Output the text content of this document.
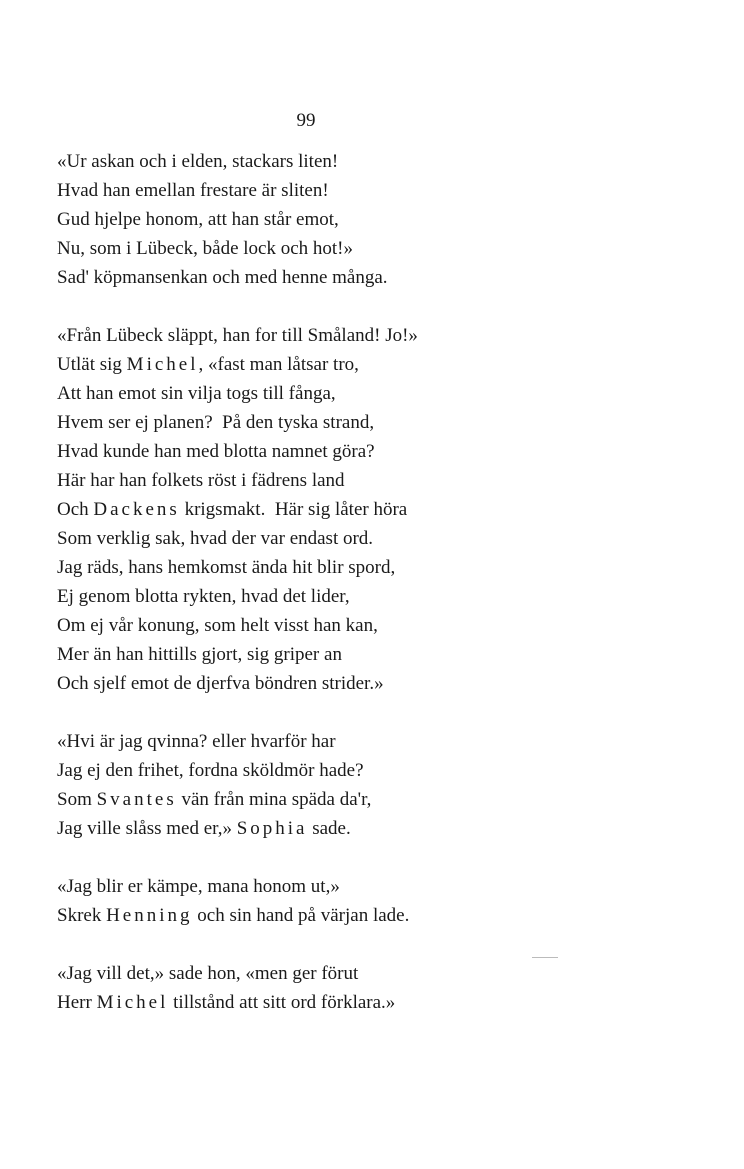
99
«Ur askan och i elden, stackars liten!
Hvad han emellan frestare är sliten!
Gud hjelpe honom, att han står emot,
Nu, som i Lübeck, både lock och hot!»
Sad' köpmansenkan och med henne många.
«Från Lübeck släppt, han for till Småland! Jo!»
Utlät sig Michel, «fast man låtsar tro,
Att han emot sin vilja togs till fånga,
Hvem ser ej planen?  På den tyska strand,
Hvad kunde han med blotta namnet göra?
Här har han folkets röst i fädrens land
Och Dackens krigsmakt.  Här sig låter höra
Som verklig sak, hvad der var endast ord.
Jag räds, hans hemkomst ända hit blir spord,
Ej genom blotta rykten, hvad det lider,
Om ej vår konung, som helt visst han kan,
Mer än han hittills gjort, sig griper an
Och sjelf emot de djerfva böndren strider.»
«Hvi är jag qvinna? eller hvarför har
Jag ej den frihet, fordna sköldmör hade?
Som Svantes vän från mina späda da'r,
Jag ville slåss med er,» Sophia sade.
«Jag blir er kämpe, mana honom ut,»
Skrek Henning och sin hand på värjan lade.
«Jag vill det,» sade hon, «men ger förut
Herr Michel tillstånd att sitt ord förklara.»
